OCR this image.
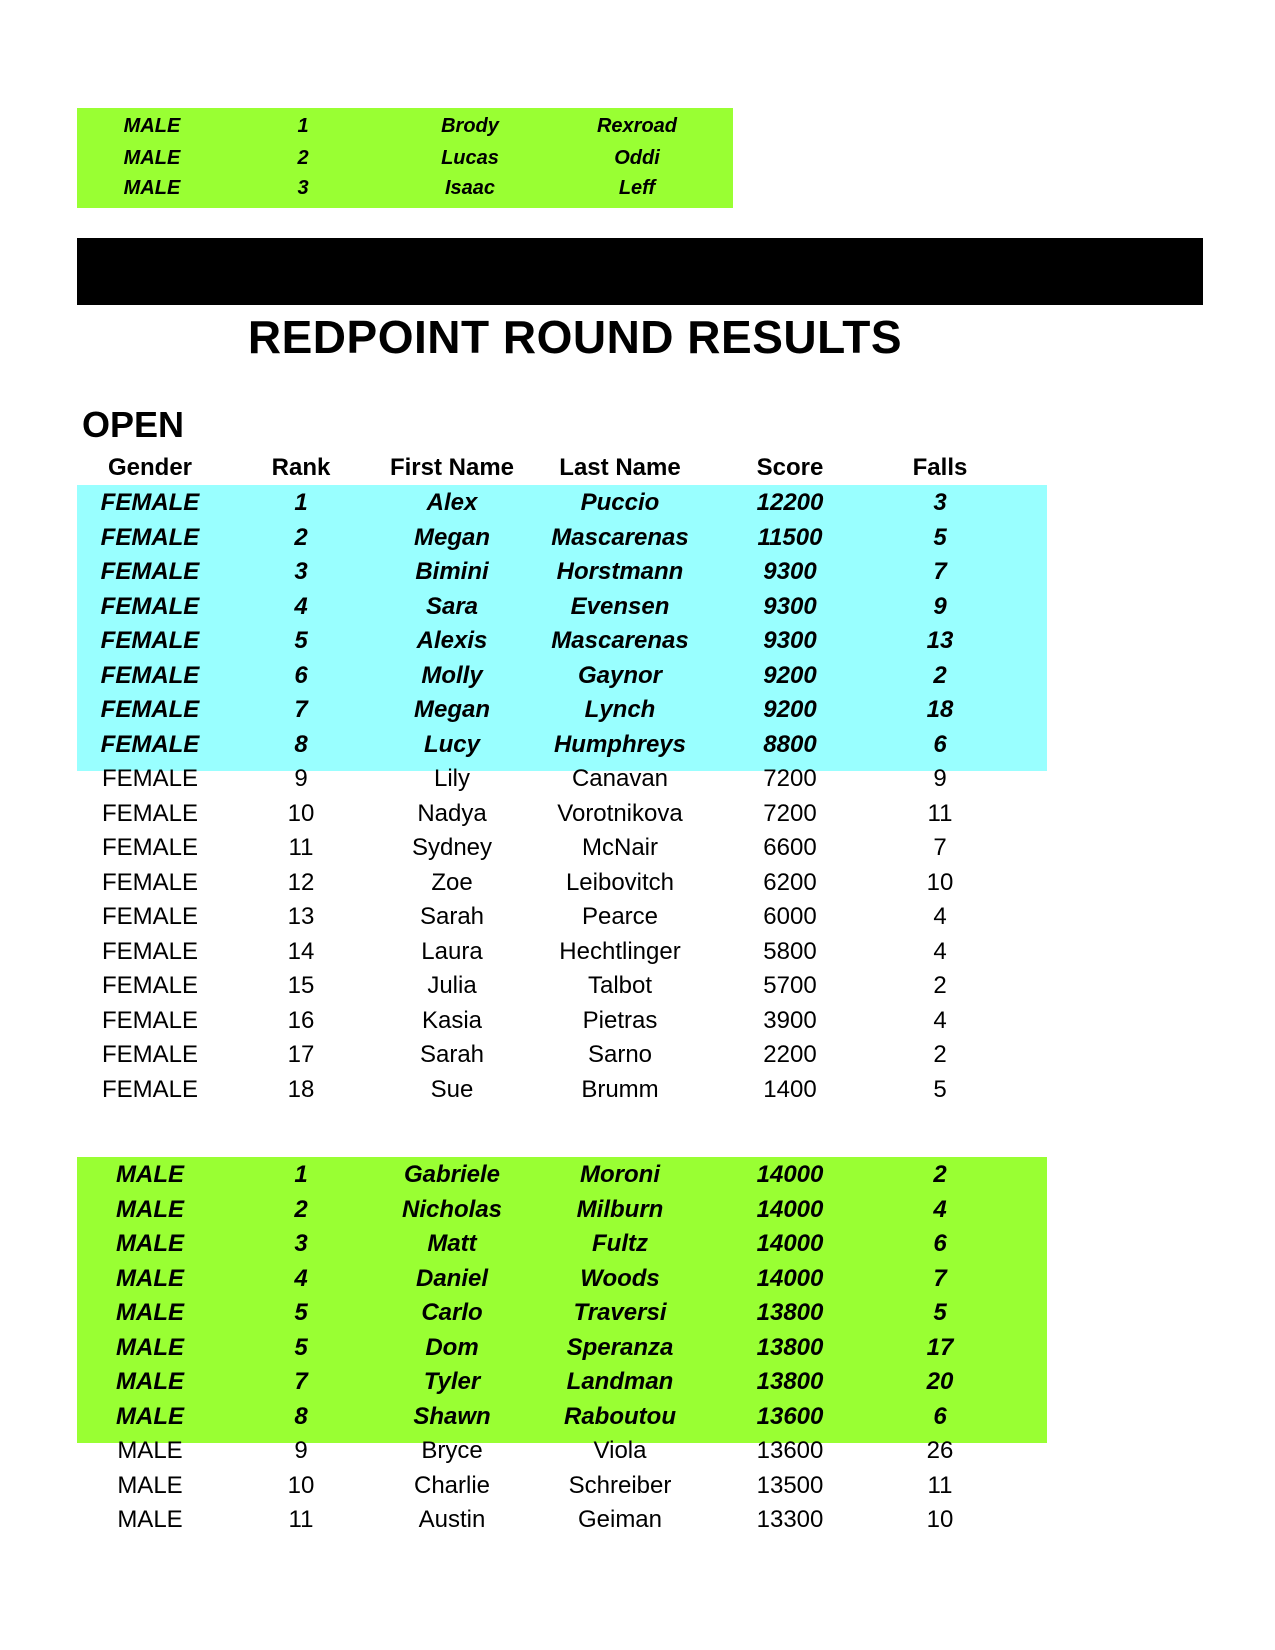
MALE	1	Brody	Rexroad
MALE	2	Lucas	Oddi
MALE	3	Isaac	Leff
REDPOINT ROUND RESULTS
OPEN
Gender	Rank	First Name	Last Name	Score	Falls
FEMALE	1	Alex	Puccio	12200	3
FEMALE	2	Megan	Mascarenas	11500	5
FEMALE	3	Bimini	Horstmann	9300	7
FEMALE	4	Sara	Evensen	9300	9
FEMALE	5	Alexis	Mascarenas	9300	13
FEMALE	6	Molly	Gaynor	9200	2
FEMALE	7	Megan	Lynch	9200	18
FEMALE	8	Lucy	Humphreys	8800	6
FEMALE	9	Lily	Canavan	7200	9
FEMALE	10	Nadya	Vorotnikova	7200	11
FEMALE	11	Sydney	McNair	6600	7
FEMALE	12	Zoe	Leibovitch	6200	10
FEMALE	13	Sarah	Pearce	6000	4
FEMALE	14	Laura	Hechtlinger	5800	4
FEMALE	15	Julia	Talbot	5700	2
FEMALE	16	Kasia	Pietras	3900	4
FEMALE	17	Sarah	Sarno	2200	2
FEMALE	18	Sue	Brumm	1400	5
MALE	1	Gabriele	Moroni	14000	2
MALE	2	Nicholas	Milburn	14000	4
MALE	3	Matt	Fultz	14000	6
MALE	4	Daniel	Woods	14000	7
MALE	5	Carlo	Traversi	13800	5
MALE	5	Dom	Speranza	13800	17
MALE	7	Tyler	Landman	13800	20
MALE	8	Shawn	Raboutou	13600	6
MALE	9	Bryce	Viola	13600	26
MALE	10	Charlie	Schreiber	13500	11
MALE	11	Austin	Geiman	13300	10
